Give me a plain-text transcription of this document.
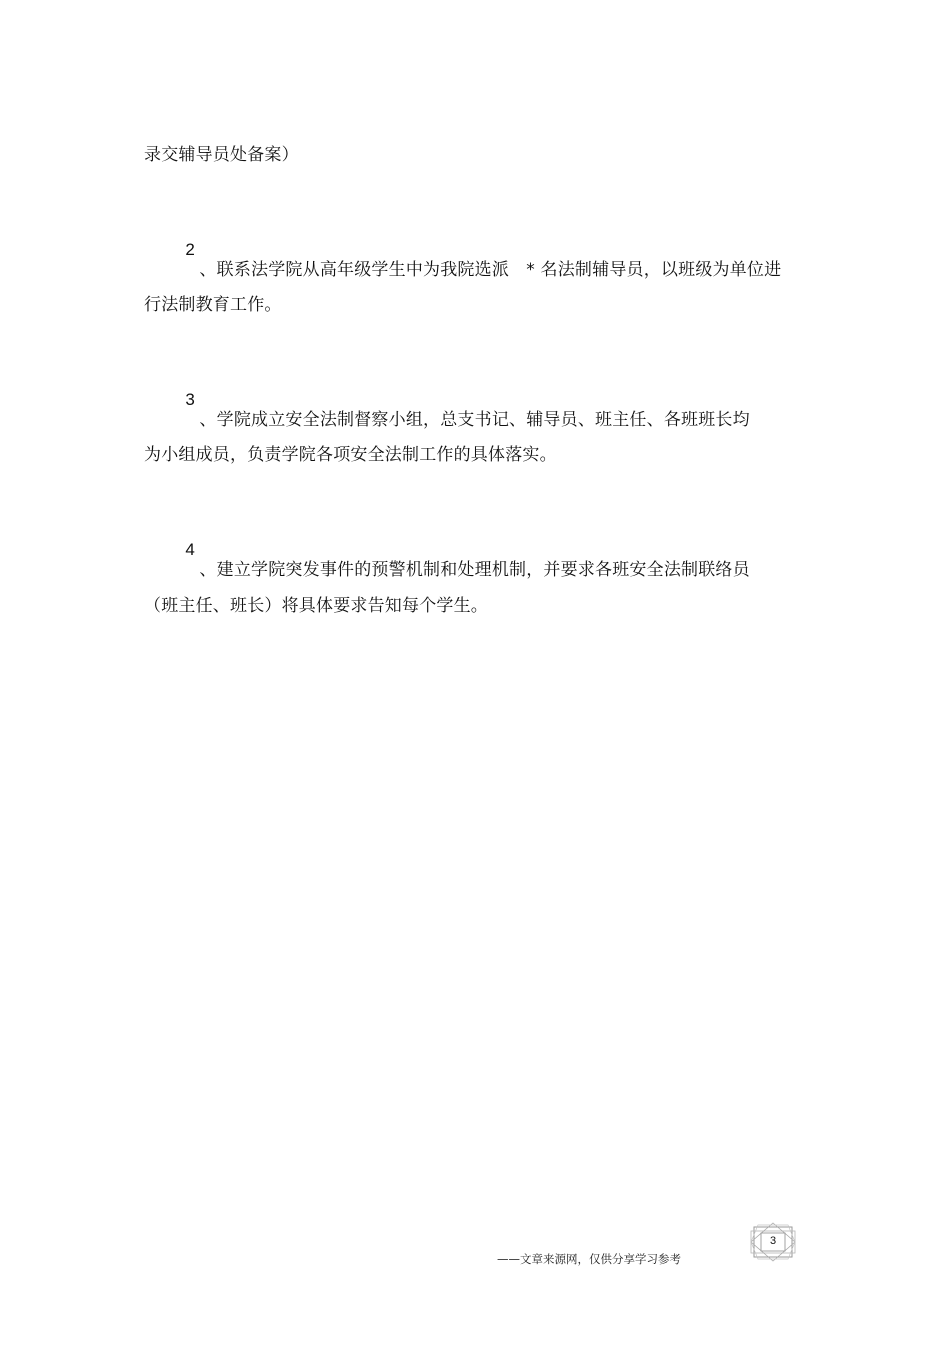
录交辅导员处备案）

2
、联系法学院从高年级学生中为我院选派　* 名法制辅导员，以班级为单位进

行法制教育工作。

3
、学院成立安全法制督察小组，总支书记、辅导员、班主任、各班班长均

为小组成员，负责学院各项安全法制工作的具体落实。

4
、建立学院突发事件的预警机制和处理机制，并要求各班安全法制联络员

（班主任、班长）将具体要求告知每个学生。
——文章来源网，仅供分享学习参考
3
